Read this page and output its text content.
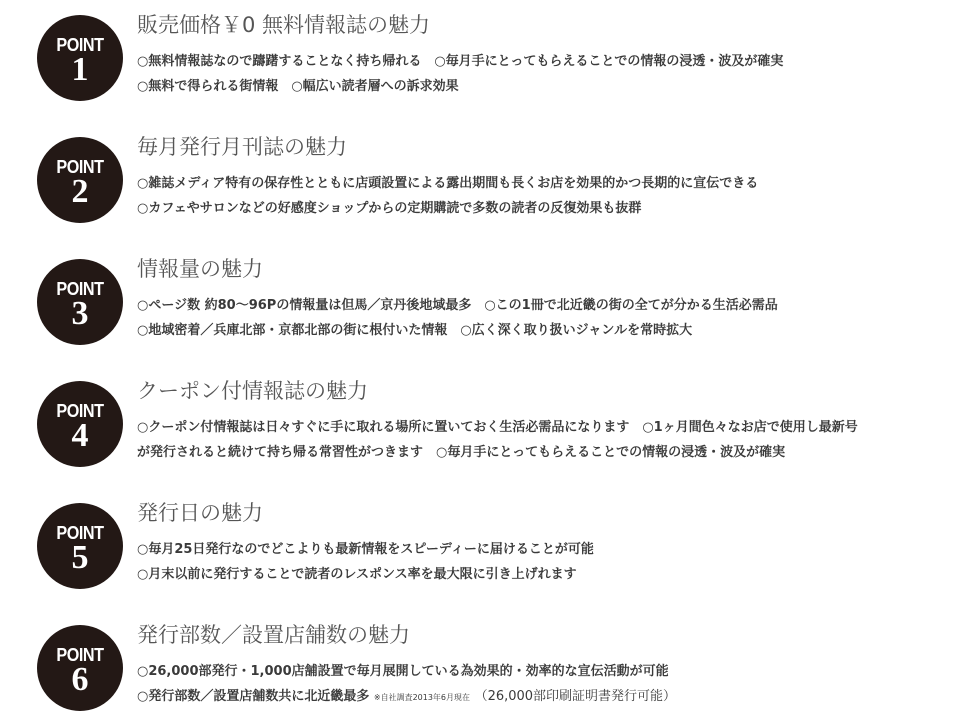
POINT
1
販売価格￥0 無料情報誌の魅力
○無料情報誌なので躊躇することなく持ち帰れる　○毎月手にとってもらえることでの情報の浸透・波及が確実
○無料で得られる街情報　○幅広い読者層への訴求効果
POINT
2
毎月発行月刊誌の魅力
○雑誌メディア特有の保存性とともに店頭設置による露出期間も長くお店を効果的かつ長期的に宣伝できる
○カフェやサロンなどの好感度ショップからの定期購読で多数の読者の反復効果も抜群
POINT
3
情報量の魅力
○ページ数 約80～96Pの情報量は但馬／京丹後地域最多　○この1冊で北近畿の街の全てが分かる生活必需品
○地域密着／兵庫北部・京都北部の街に根付いた情報　○広く深く取り扱いジャンルを常時拡大
POINT
4
クーポン付情報誌の魅力
○クーポン付情報誌は日々すぐに手に取れる場所に置いておく生活必需品になります　○1ヶ月間色々なお店で使用し最新号
が発行されると続けて持ち帰る常習性がつきます　○毎月手にとってもらえることでの情報の浸透・波及が確実
POINT
5
発行日の魅力
○毎月25日発行なのでどこよりも最新情報をスピーディーに届けることが可能
○月末以前に発行することで読者のレスポンス率を最大限に引き上げれます
POINT
6
発行部数／設置店舗数の魅力
○26,000部発行・1,000店舗設置で毎月展開している為効果的・効率的な宣伝活動が可能
○発行部数／設置店舗数共に北近畿最多 ※自社調査2013年6月現在 （26,000部印刷証明書発行可能）
